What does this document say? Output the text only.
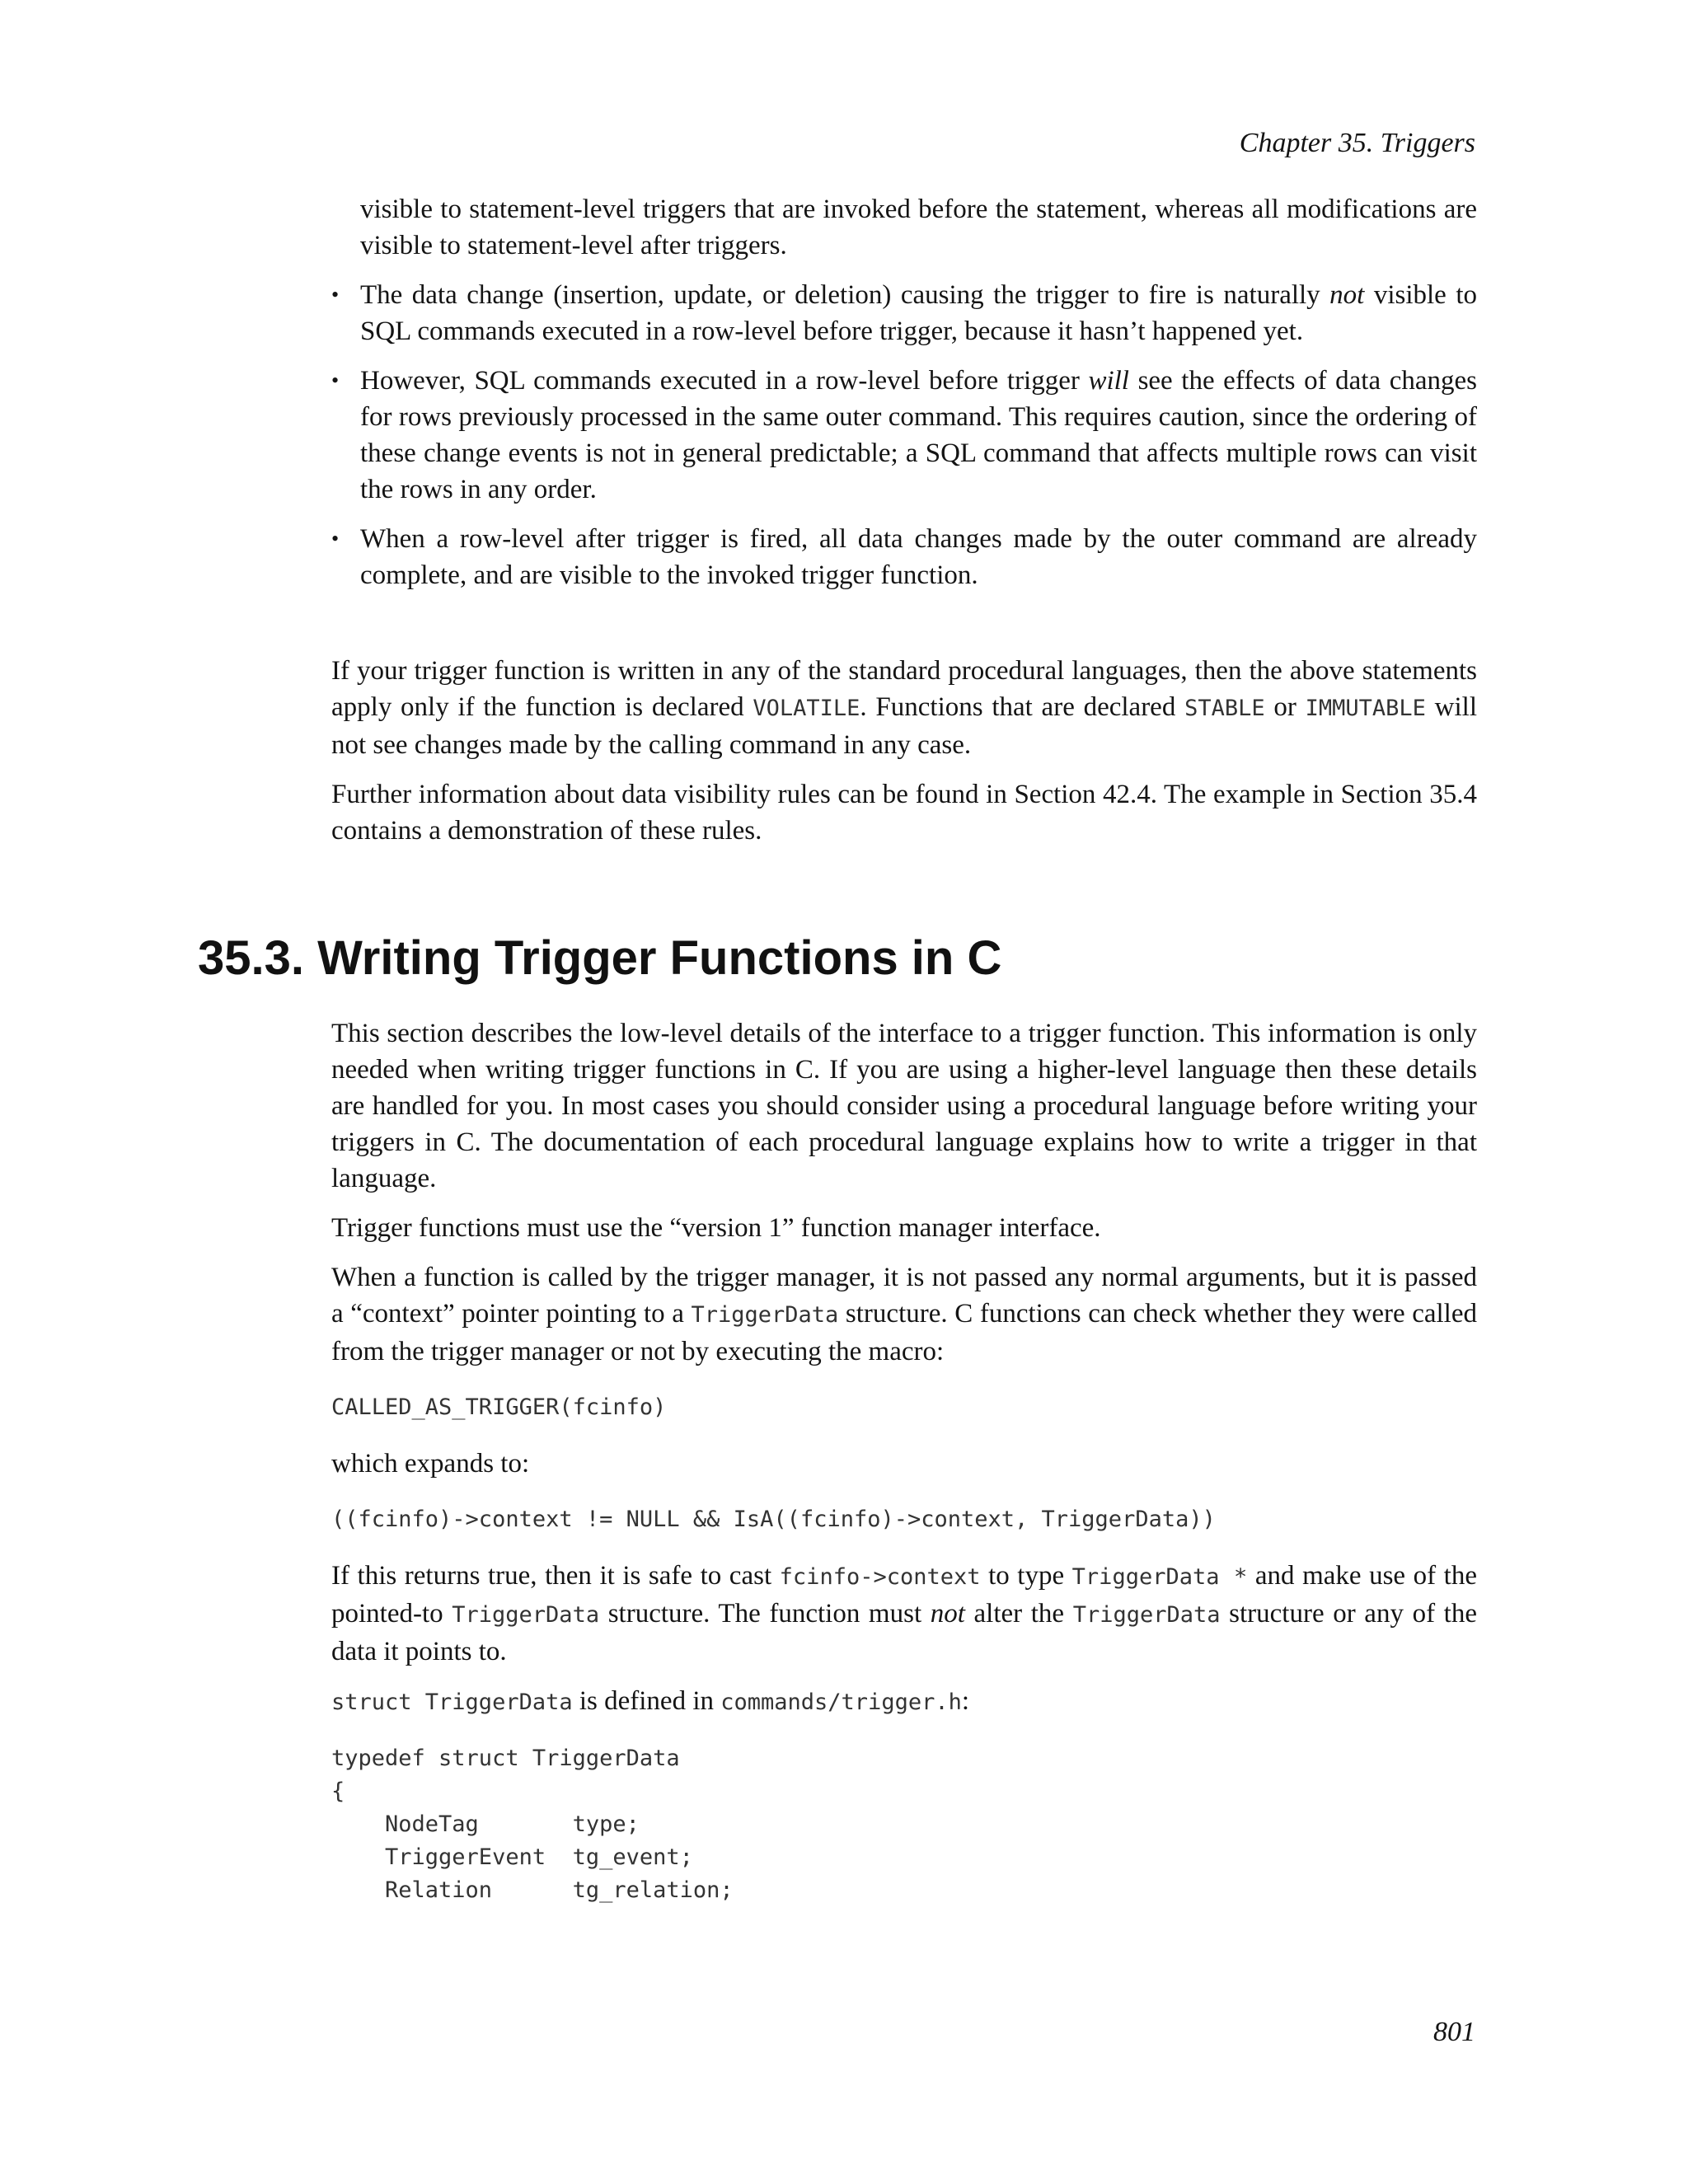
Chapter 35. Triggers

visible to statement-level triggers that are invoked before the statement, whereas all modifications are visible to statement-level after triggers.

• The data change (insertion, update, or deletion) causing the trigger to fire is naturally not visible to SQL commands executed in a row-level before trigger, because it hasn’t happened yet.
• However, SQL commands executed in a row-level before trigger will see the effects of data changes for rows previously processed in the same outer command. This requires caution, since the ordering of these change events is not in general predictable; a SQL command that affects multiple rows can visit the rows in any order.
• When a row-level after trigger is fired, all data changes made by the outer command are already complete, and are visible to the invoked trigger function.

If your trigger function is written in any of the standard procedural languages, then the above statements apply only if the function is declared VOLATILE. Functions that are declared STABLE or IMMUTABLE will not see changes made by the calling command in any case.

Further information about data visibility rules can be found in Section 42.4. The example in Section 35.4 contains a demonstration of these rules.

35.3. Writing Trigger Functions in C

This section describes the low-level details of the interface to a trigger function. This information is only needed when writing trigger functions in C. If you are using a higher-level language then these details are handled for you. In most cases you should consider using a procedural language before writing your triggers in C. The documentation of each procedural language explains how to write a trigger in that language.

Trigger functions must use the “version 1” function manager interface.

When a function is called by the trigger manager, it is not passed any normal arguments, but it is passed a “context” pointer pointing to a TriggerData structure. C functions can check whether they were called from the trigger manager or not by executing the macro:

CALLED_AS_TRIGGER(fcinfo)

which expands to:

((fcinfo)->context != NULL && IsA((fcinfo)->context, TriggerData))

If this returns true, then it is safe to cast fcinfo->context to type TriggerData * and make use of the pointed-to TriggerData structure. The function must not alter the TriggerData structure or any of the data it points to.

struct TriggerData is defined in commands/trigger.h:

typedef struct TriggerData
{
NodeTag       type;
TriggerEvent  tg_event;
Relation      tg_relation;
801
